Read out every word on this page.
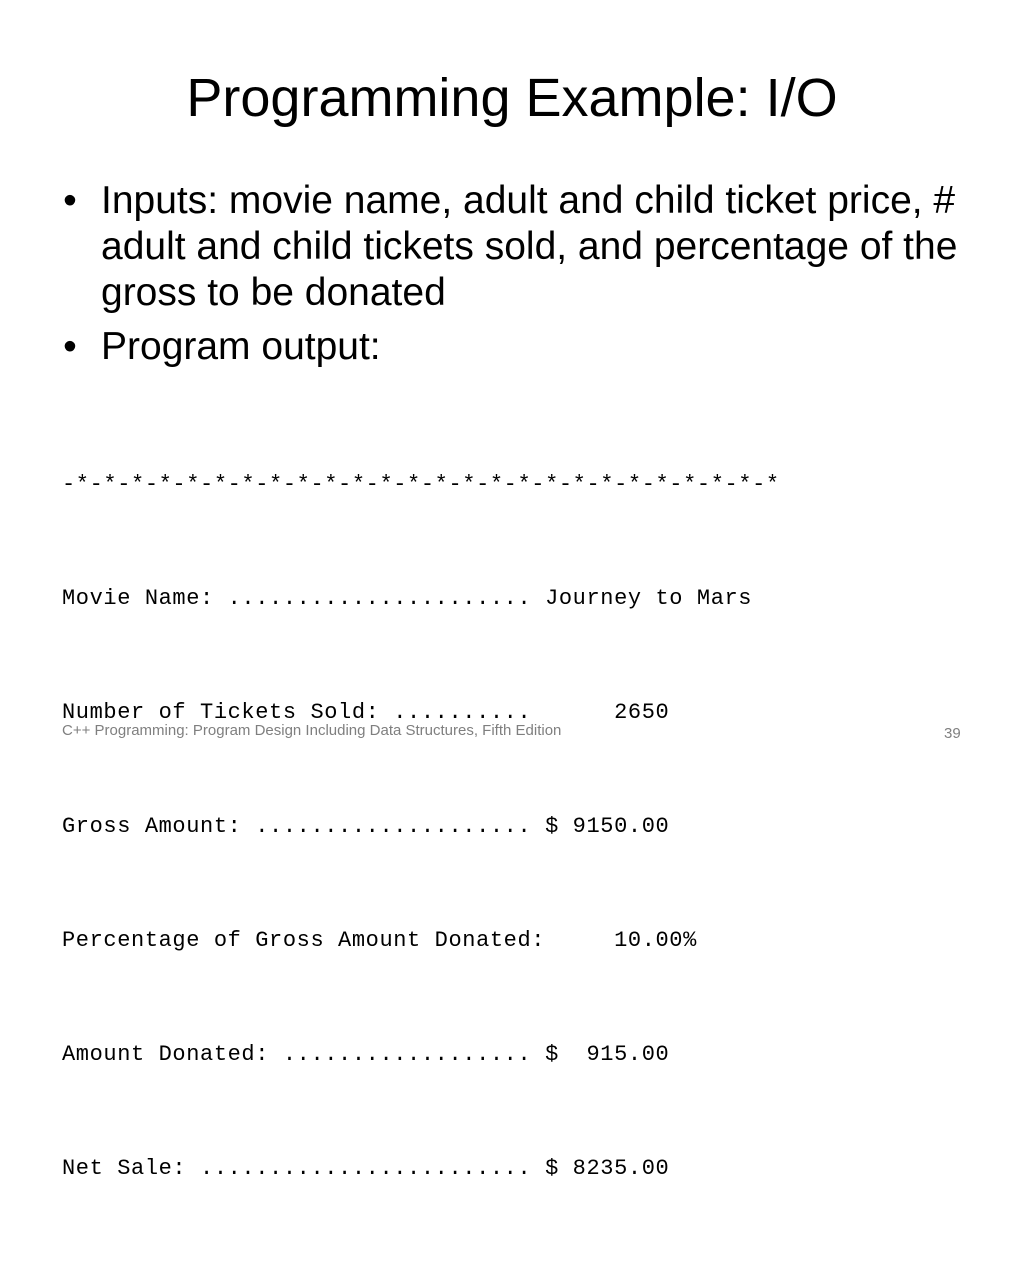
Programming Example: I/O
• Inputs: movie name, adult and child ticket price, # adult and child tickets sold, and percentage of the gross to be donated
• Program output:

-*-*-*-*-*-*-*-*-*-*-*-*-*-*-*-*-*-*-*-*-*-*-*-*-*-*

Movie Name: ...................... Journey to Mars

Number of Tickets Sold: ..........      2650

Gross Amount: .................... $ 9150.00

Percentage of Gross Amount Donated:     10.00%

Amount Donated: .................. $  915.00

Net Sale: ........................ $ 8235.00

C++ Programming: Program Design Including Data Structures, Fifth Edition	39
